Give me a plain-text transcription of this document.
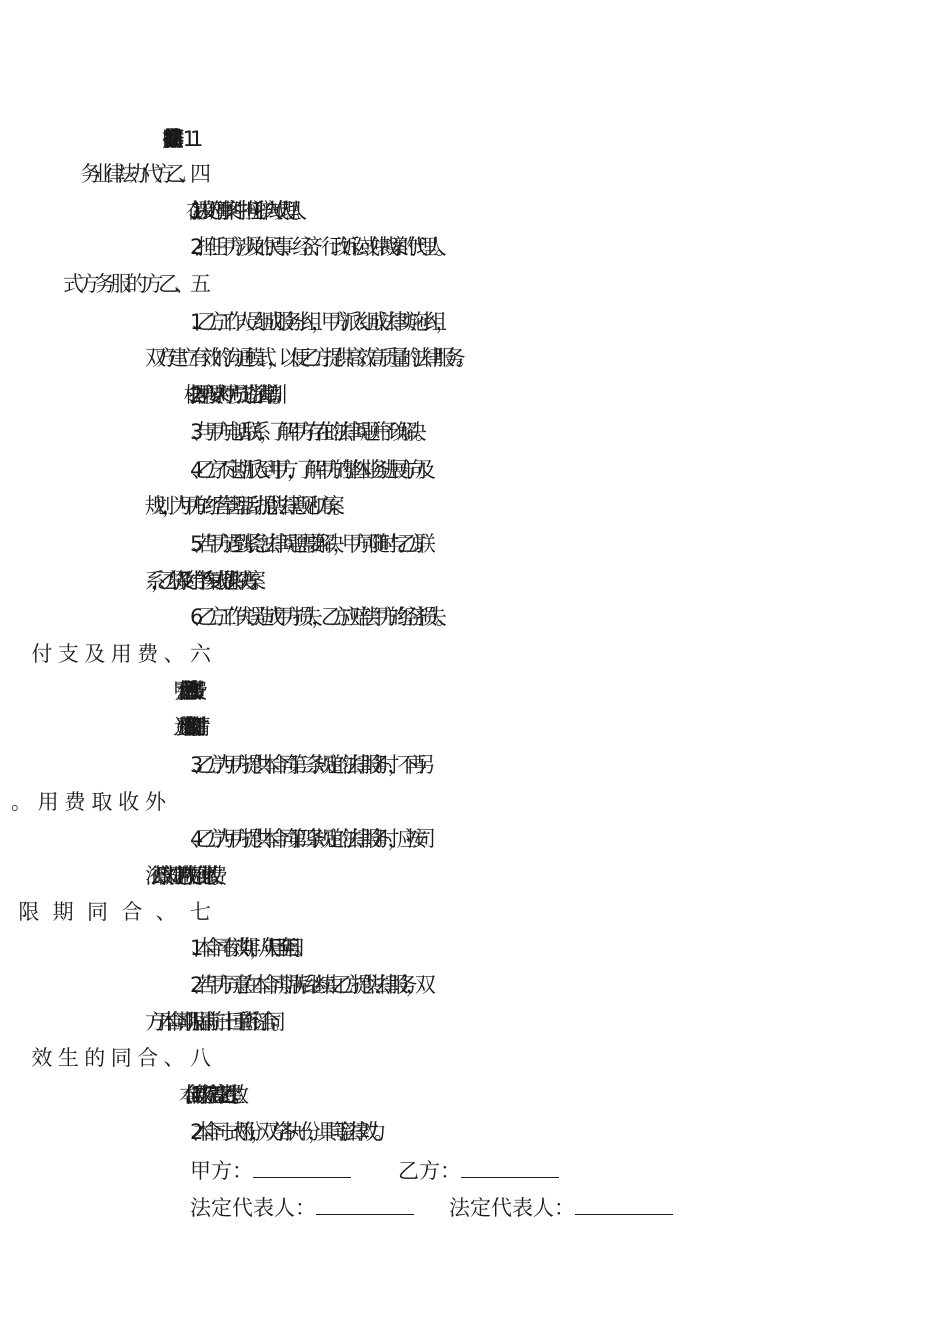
1、 在涉及的刑事案件中担任辩护人或代理人。
2、 担任甲方涉及的民事、经济、行政诉讼或仲裁案的代理人。
1、 乙方工作人员组成服务小组，甲方派人组成法律实施小组，
双方建立有效的沟通模式，以便乙方提供高效高质量的法律服务。
2、 根据甲方要求对甲方员工进行法律培训。
3、 与甲方电话联系，了解甲方存在的法律问题并予以解决。
4、 乙方不定期派人到甲方，了解甲方的整体业务进展方向及
规划，为甲方的经营管理活动提供法律意见和方案。
5、 若甲方遇到紧急法律问题需要解决，甲方可随时与乙方联
系，乙方将及时给予答复或提供解决方案。
6、 乙方工作失误造成甲方损失，乙方应赔偿甲方的经济损失。
2、 上述费用于本合同签订时付清。
3、 乙方为甲方提供本合同第三条规定的法律服务时，不再另
4、 乙方为甲方提供本合同第四条规定的法律服务时，应按司
法行政部门规定的收费标准优惠收费。
1、 本合同有效期 年，从 年 月 日至 年 月 日。
2、 若甲方同意在本合同期满后继续由乙方提供法律服务，双
方于本合同期限届满前三十日重新签订合同。
1、 本合同自双方签字盖章之日起生效。
2、 本合同一式两份，双方各执一份，具同等法律效力。
甲方：	乙方：
法定代表人：	法定代表人：
